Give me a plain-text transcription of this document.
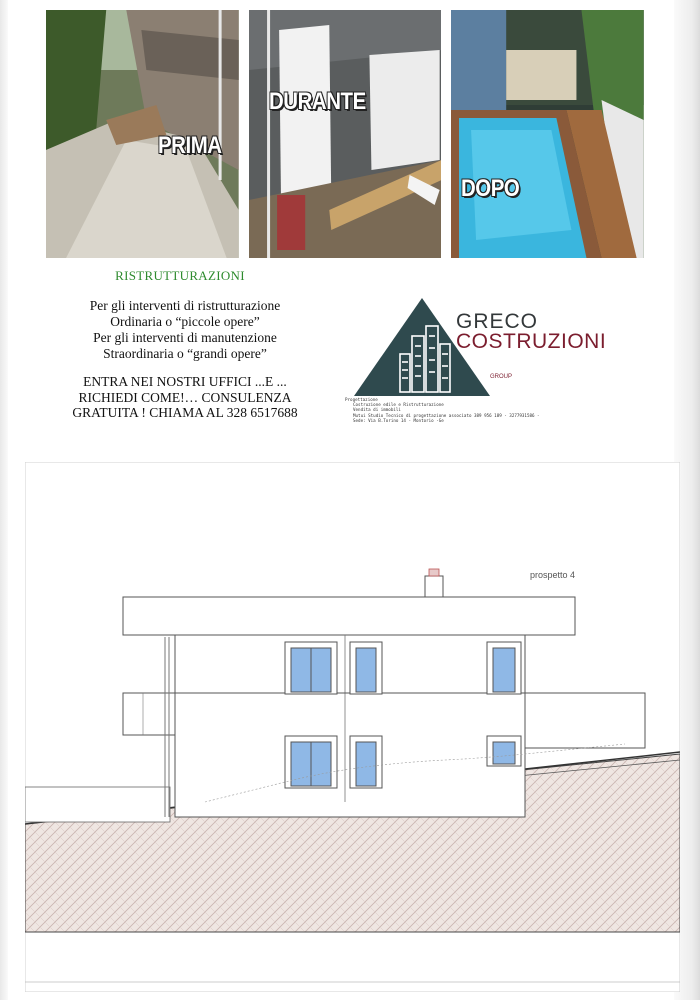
PRIMA
DURANTE
DOPO
RISTRUTTURAZIONI
Per gli interventi di ristrutturazione
Ordinaria o “piccole opere”
Per gli interventi di manutenzione
Straordinaria o “grandi opere”
ENTRA NEI NOSTRI UFFICI ...E ...
RICHIEDI COME!… CONSULENZA
GRATUITA ! CHIAMA AL 328 6517688
GRECO
COSTRUZIONI
GROUP
Progettazione
Costruzione edile e Ristrutturazione
Vendita di immobili
Mutui Studio Tecnico di progettazione associato 389 956 189 - 3277931586 -
Sede: Via B.Torino 14 - Montorio -Ge
prospetto 4
